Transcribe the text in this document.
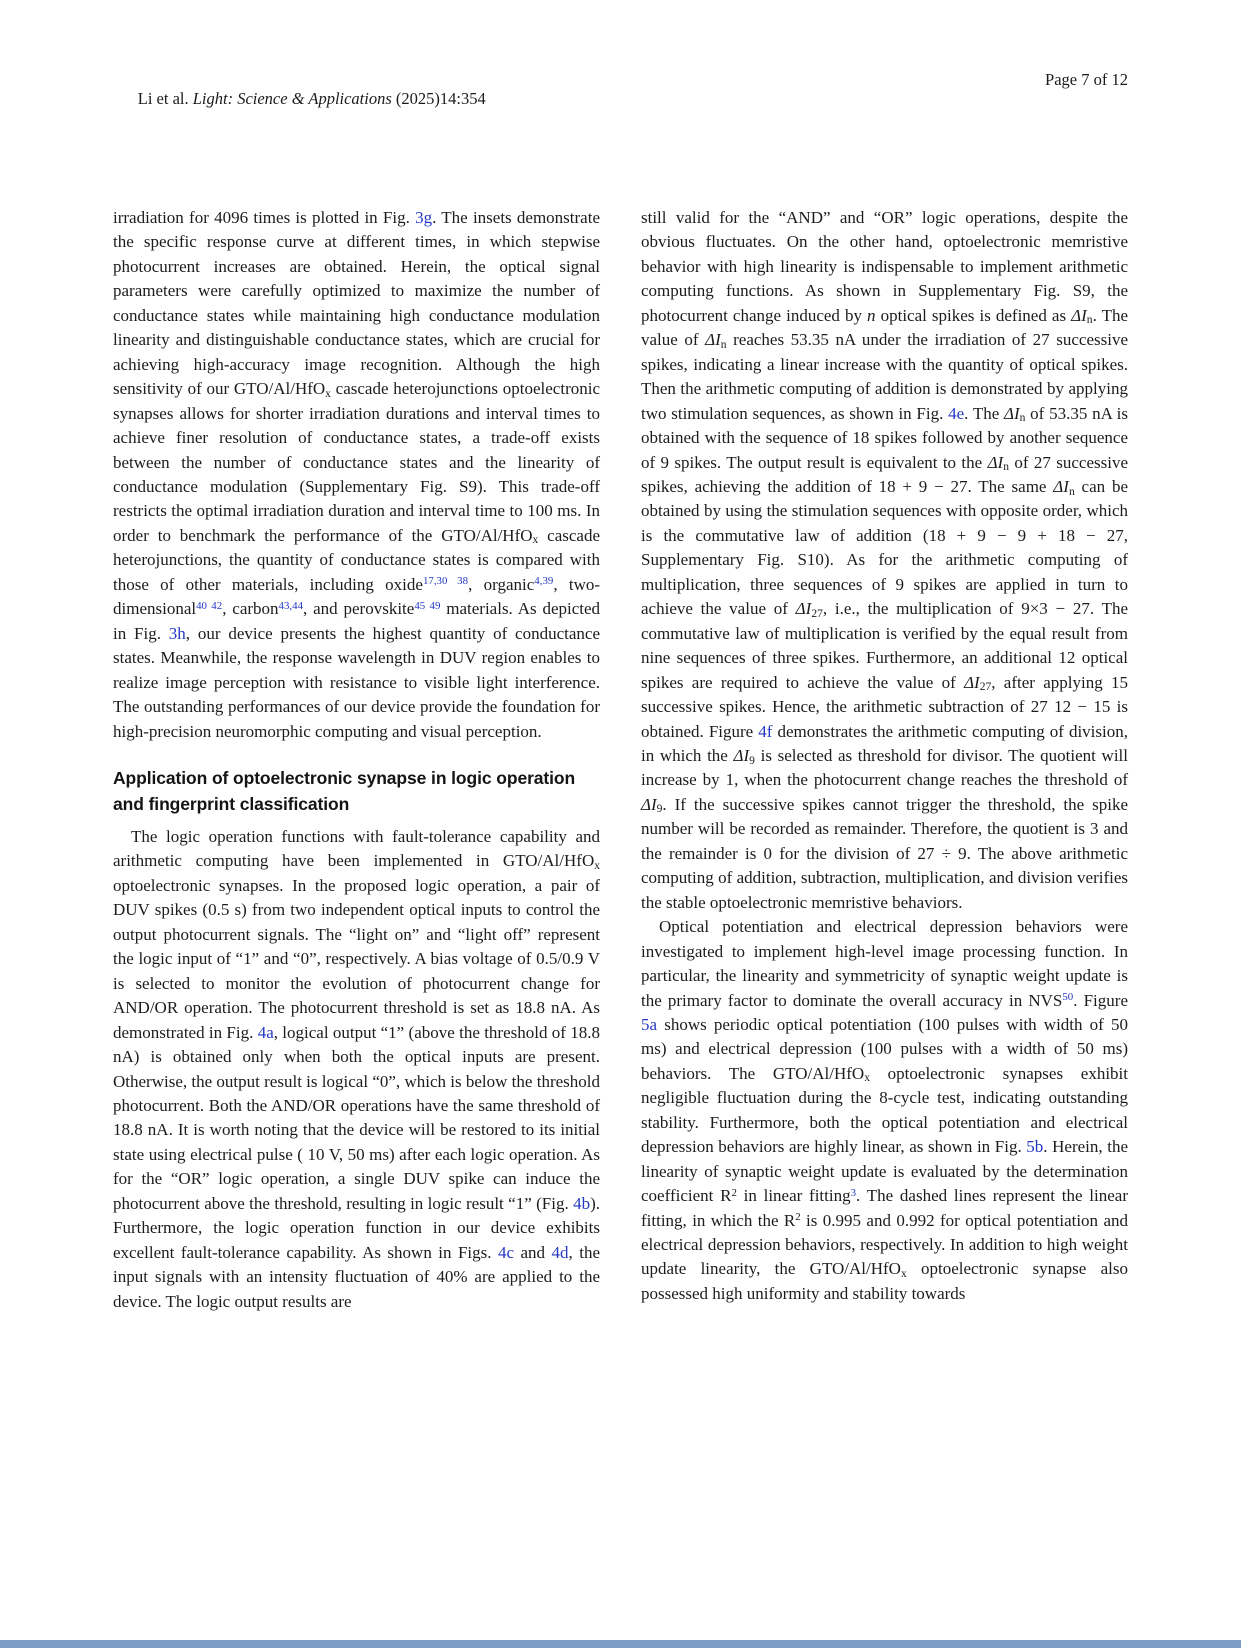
Li et al. Light: Science & Applications (2025)14:354

Page 7 of 12

irradiation for 4096 times is plotted in Fig. 3g. The insets demonstrate the specific response curve at different times, in which stepwise photocurrent increases are obtained. Herein, the optical signal parameters were carefully optimized to maximize the number of conductance states while maintaining high conductance modulation linearity and distinguishable conductance states, which are crucial for achieving high-accuracy image recognition. Although the high sensitivity of our GTO/Al/HfO$_x$ cascade heterojunctions optoelectronic synapses allows for shorter irradiation durations and interval times to achieve finer resolution of conductance states, a trade-off exists between the number of conductance states and the linearity of conductance modulation (Supplementary Fig. S9). This trade-off restricts the optimal irradiation duration and interval time to 100 ms. In order to benchmark the performance of the GTO/Al/HfO$_x$ cascade heterojunctions, the quantity of conductance states is compared with those of other materials, including oxide$^{17,30 38}$, organic$^{4,39}$, two-dimensional$^{40 42}$, carbon$^{43,44}$, and perovskite$^{45 49}$ materials. As depicted in Fig. 3h, our device presents the highest quantity of conductance states. Meanwhile, the response wavelength in DUV region enables to realize image perception with resistance to visible light interference. The outstanding performances of our device provide the foundation for high-precision neuromorphic computing and visual perception.

Application of optoelectronic synapse in logic operation and fingerprint classification

The logic operation functions with fault-tolerance capability and arithmetic computing have been implemented in GTO/Al/HfO$_x$ optoelectronic synapses. In the proposed logic operation, a pair of DUV spikes (0.5 s) from two independent optical inputs to control the output photocurrent signals. The “light on” and “light off” represent the logic input of “1” and “0”, respectively. A bias voltage of 0.5/0.9 V is selected to monitor the evolution of photocurrent change for AND/OR operation. The photocurrent threshold is set as 18.8 nA. As demonstrated in Fig. 4a, logical output “1” (above the threshold of 18.8 nA) is obtained only when both the optical inputs are present. Otherwise, the output result is logical “0”, which is below the threshold photocurrent. Both the AND/OR operations have the same threshold of 18.8 nA. It is worth noting that the device will be restored to its initial state using electrical pulse ( 10 V, 50 ms) after each logic operation. As for the “OR” logic operation, a single DUV spike can induce the photocurrent above the threshold, resulting in logic result “1” (Fig. 4b). Furthermore, the logic operation function in our device exhibits excellent fault-tolerance capability. As shown in Figs. 4c and 4d, the input signals with an intensity fluctuation of 40% are applied to the device. The logic output results are

still valid for the “AND” and “OR” logic operations, despite the obvious fluctuates. On the other hand, optoelectronic memristive behavior with high linearity is indispensable to implement arithmetic computing functions. As shown in Supplementary Fig. S9, the photocurrent change induced by n optical spikes is defined as $\Delta I_n$. The value of $\Delta I_n$ reaches 53.35 nA under the irradiation of 27 successive spikes, indicating a linear increase with the quantity of optical spikes. Then the arithmetic computing of addition is demonstrated by applying two stimulation sequences, as shown in Fig. 4e. The $\Delta I_n$ of 53.35 nA is obtained with the sequence of 18 spikes followed by another sequence of 9 spikes. The output result is equivalent to the $\Delta I_n$ of 27 successive spikes, achieving the addition of 18 + 9 − 27. The same $\Delta I_n$ can be obtained by using the stimulation sequences with opposite order, which is the commutative law of addition (18 + 9 − 9 + 18 − 27, Supplementary Fig. S10). As for the arithmetic computing of multiplication, three sequences of 9 spikes are applied in turn to achieve the value of $\Delta I_{27}$, i.e., the multiplication of 9×3 − 27. The commutative law of multiplication is verified by the equal result from nine sequences of three spikes. Furthermore, an additional 12 optical spikes are required to achieve the value of $\Delta I_{27}$, after applying 15 successive spikes. Hence, the arithmetic subtraction of 27 12 − 15 is obtained. Figure 4f demonstrates the arithmetic computing of division, in which the $\Delta I_9$ is selected as threshold for divisor. The quotient will increase by 1, when the photocurrent change reaches the threshold of $\Delta I_9$. If the successive spikes cannot trigger the threshold, the spike number will be recorded as remainder. Therefore, the quotient is 3 and the remainder is 0 for the division of 27 ÷ 9. The above arithmetic computing of addition, subtraction, multiplication, and division verifies the stable optoelectronic memristive behaviors.

Optical potentiation and electrical depression behaviors were investigated to implement high-level image processing function. In particular, the linearity and symmetricity of synaptic weight update is the primary factor to dominate the overall accuracy in NVS$^{50}$. Figure 5a shows periodic optical potentiation (100 pulses with width of 50 ms) and electrical depression (100 pulses with a width of 50 ms) behaviors. The GTO/Al/HfO$_x$ optoelectronic synapses exhibit negligible fluctuation during the 8-cycle test, indicating outstanding stability. Furthermore, both the optical potentiation and electrical depression behaviors are highly linear, as shown in Fig. 5b. Herein, the linearity of synaptic weight update is evaluated by the determination coefficient $R^2$ in linear fitting$^3$. The dashed lines represent the linear fitting, in which the $R^2$ is 0.995 and 0.992 for optical potentiation and electrical depression behaviors, respectively. In addition to high weight update linearity, the GTO/Al/HfO$_x$ optoelectronic synapse also possessed high uniformity and stability towards
